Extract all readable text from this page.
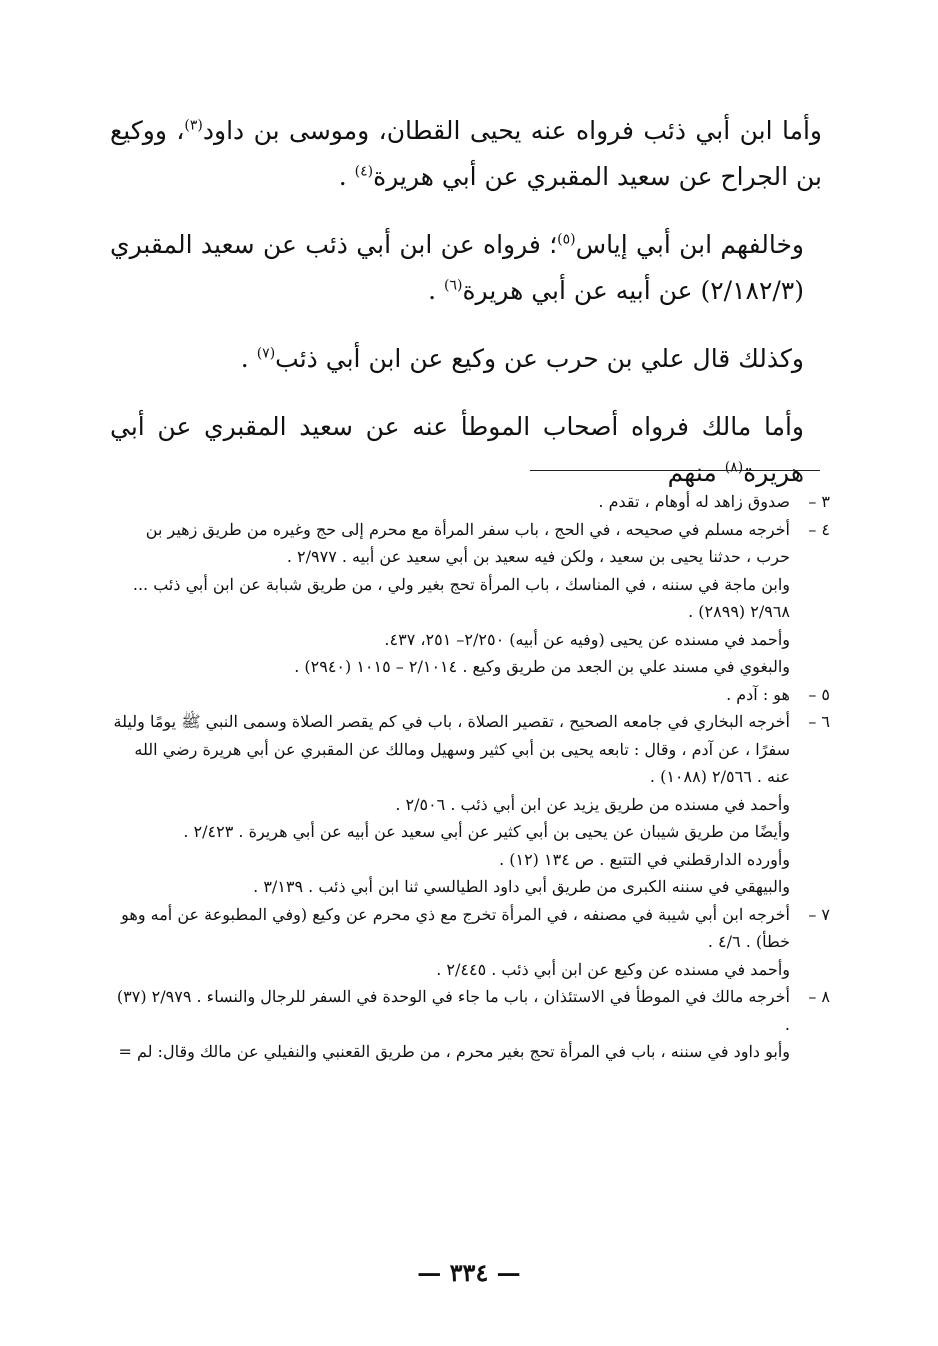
وأما ابن أبي ذئب فرواه عنه يحيى القطان، وموسى بن داود$^{(٣)}$، ووكيع بن الجراح عن سعيد المقبري عن أبي هريرة$^{(٤)}$ .

وخالفهم ابن أبي إياس$^{(٥)}$؛ فرواه عن ابن أبي ذئب عن سعيد المقبري (٢/١٨٢/٣) عن أبيه عن أبي هريرة$^{(٦)}$ .

وكذلك قال علي بن حرب عن وكيع عن ابن أبي ذئب$^{(٧)}$ .

وأما مالك فرواه أصحاب الموطأ عنه عن سعيد المقبري عن أبي هريرة$^{(٨)}$ منهم

٣ –

صدوق زاهد له أوهام ، تقدم .

٤ –

أخرجه مسلم في صحيحه ، في الحج ، باب سفر المرأة مع محرم إلى حج وغيره من طريق زهير بن حرب ، حدثنا يحيى بن سعيد ، ولكن فيه سعيد بن أبي سعيد عن أبيه . ٢/٩٧٧ .

وابن ماجة في سننه ، في المناسك ، باب المرأة تحج بغير ولي ، من طريق شبابة عن ابن أبي ذئب ... ٢/٩٦٨ (٢٨٩٩) .

وأحمد في مسنده عن يحيى (وفيه عن أبيه) ٢/٢٥٠– ٢٥١، ٤٣٧.

والبغوي في مسند علي بن الجعد من طريق وكيع . ٢/١٠١٤ – ١٠١٥ (٢٩٤٠) .

٥ –

هو : آدم .

٦ –

أخرجه البخاري في جامعه الصحيح ، تقصير الصلاة ، باب في كم يقصر الصلاة وسمى النبي ﷺ يومًا وليلة سفرًا ، عن آدم ، وقال : تابعه يحيى بن أبي كثير وسهيل ومالك عن المقبري عن أبي هريرة رضي الله عنه . ٢/٥٦٦ (١٠٨٨) .

وأحمد في مسنده من طريق يزيد عن ابن أبي ذئب . ٢/٥٠٦ .

وأيضًا من طريق شيبان عن يحيى بن أبي كثير عن أبي سعيد عن أبيه عن أبي هريرة . ٢/٤٢٣ .

وأورده الدارقطني في التتبع . ص ١٣٤ (١٢) .

والبيهقي في سننه الكبرى من طريق أبي داود الطيالسي ثنا ابن أبي ذئب . ٣/١٣٩ .

٧ –

أخرجه ابن أبي شيبة في مصنفه ، في المرأة تخرج مع ذي محرم عن وكيع (وفي المطبوعة عن أمه وهو خطأ) . ٤/٦ .

وأحمد في مسنده عن وكيع عن ابن أبي ذئب . ٢/٤٤٥ .

٨ –

أخرجه مالك في الموطأ في الاستئذان ، باب ما جاء في الوحدة في السفر للرجال والنساء . ٢/٩٧٩ (٣٧) .

وأبو داود في سننه ، باب في المرأة تحج بغير محرم ، من طريق القعنبي والنفيلي عن مالك وقال: لم =

— ٣٣٤ —
